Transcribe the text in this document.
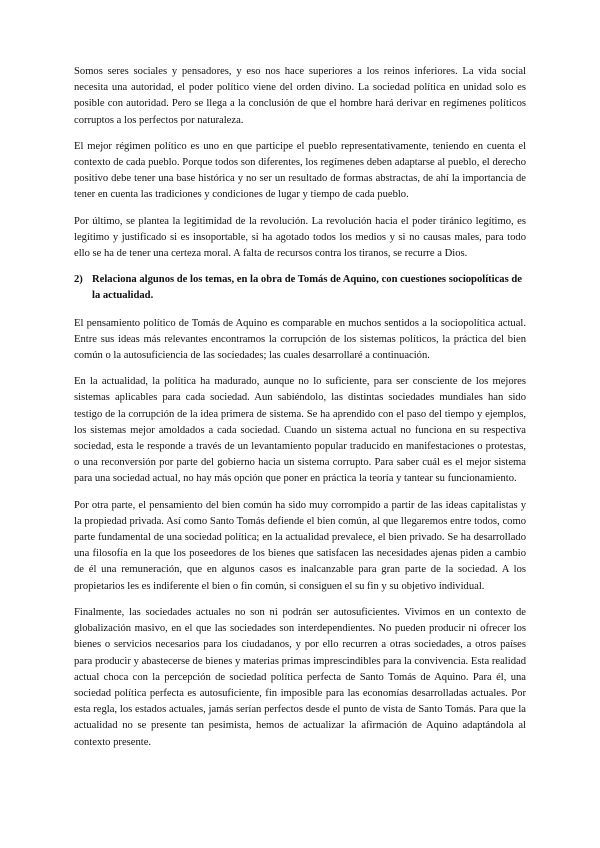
Somos seres sociales y pensadores, y eso nos hace superiores a los reinos inferiores. La vida social necesita una autoridad, el poder político viene del orden divino. La sociedad política en unidad solo es posible con autoridad. Pero se llega a la conclusión de que el hombre hará derivar en regímenes políticos corruptos a los perfectos por naturaleza.

El mejor régimen político es uno en que participe el pueblo representativamente, teniendo en cuenta el contexto de cada pueblo. Porque todos son diferentes, los regímenes deben adaptarse al pueblo, el derecho positivo debe tener una base histórica y no ser un resultado de formas abstractas, de ahí la importancia de tener en cuenta las tradiciones y condiciones de lugar y tiempo de cada pueblo.

Por último, se plantea la legitimidad de la revolución. La revolución hacia el poder tiránico legítimo, es legítimo y justificado si es insoportable, si ha agotado todos los medios y si no causas males, para todo ello se ha de tener una certeza moral. A falta de recursos contra los tiranos, se recurre a Dios.

2) Relaciona algunos de los temas, en la obra de Tomás de Aquino, con cuestiones sociopolíticas de la actualidad.

El pensamiento político de Tomás de Aquino es comparable en muchos sentidos a la sociopolítica actual. Entre sus ideas más relevantes encontramos la corrupción de los sistemas políticos, la práctica del bien común o la autosuficiencia de las sociedades; las cuales desarrollaré a continuación.

En la actualidad, la política ha madurado, aunque no lo suficiente, para ser consciente de los mejores sistemas aplicables para cada sociedad. Aun sabiéndolo, las distintas sociedades mundiales han sido testigo de la corrupción de la idea primera de sistema. Se ha aprendido con el paso del tiempo y ejemplos, los sistemas mejor amoldados a cada sociedad. Cuando un sistema actual no funciona en su respectiva sociedad, esta le responde a través de un levantamiento popular traducido en manifestaciones o protestas, o una reconversión por parte del gobierno hacia un sistema corrupto. Para saber cuál es el mejor sistema para una sociedad actual, no hay más opción que poner en práctica la teoría y tantear su funcionamiento.

Por otra parte, el pensamiento del bien común ha sido muy corrompido a partir de las ideas capitalistas y la propiedad privada. Así como Santo Tomás defiende el bien común, al que llegaremos entre todos, como parte fundamental de una sociedad política; en la actualidad prevalece, el bien privado. Se ha desarrollado una filosofía en la que los poseedores de los bienes que satisfacen las necesidades ajenas piden a cambio de él una remuneración, que en algunos casos es inalcanzable para gran parte de la sociedad. A los propietarios les es indiferente el bien o fin común, si consiguen el su fin y su objetivo individual.

Finalmente, las sociedades actuales no son ni podrán ser autosuficientes. Vivimos en un contexto de globalización masivo, en el que las sociedades son interdependientes. No pueden producir ni ofrecer los bienes o servicios necesarios para los ciudadanos, y por ello recurren a otras sociedades, a otros países para producir y abastecerse de bienes y materias primas imprescindibles para la convivencia. Esta realidad actual choca con la percepción de sociedad política perfecta de Santo Tomás de Aquino. Para él, una sociedad política perfecta es autosuficiente, fin imposible para las economías desarrolladas actuales. Por esta regla, los estados actuales, jamás serían perfectos desde el punto de vista de Santo Tomás. Para que la actualidad no se presente tan pesimista, hemos de actualizar la afirmación de Aquino adaptándola al contexto presente.
